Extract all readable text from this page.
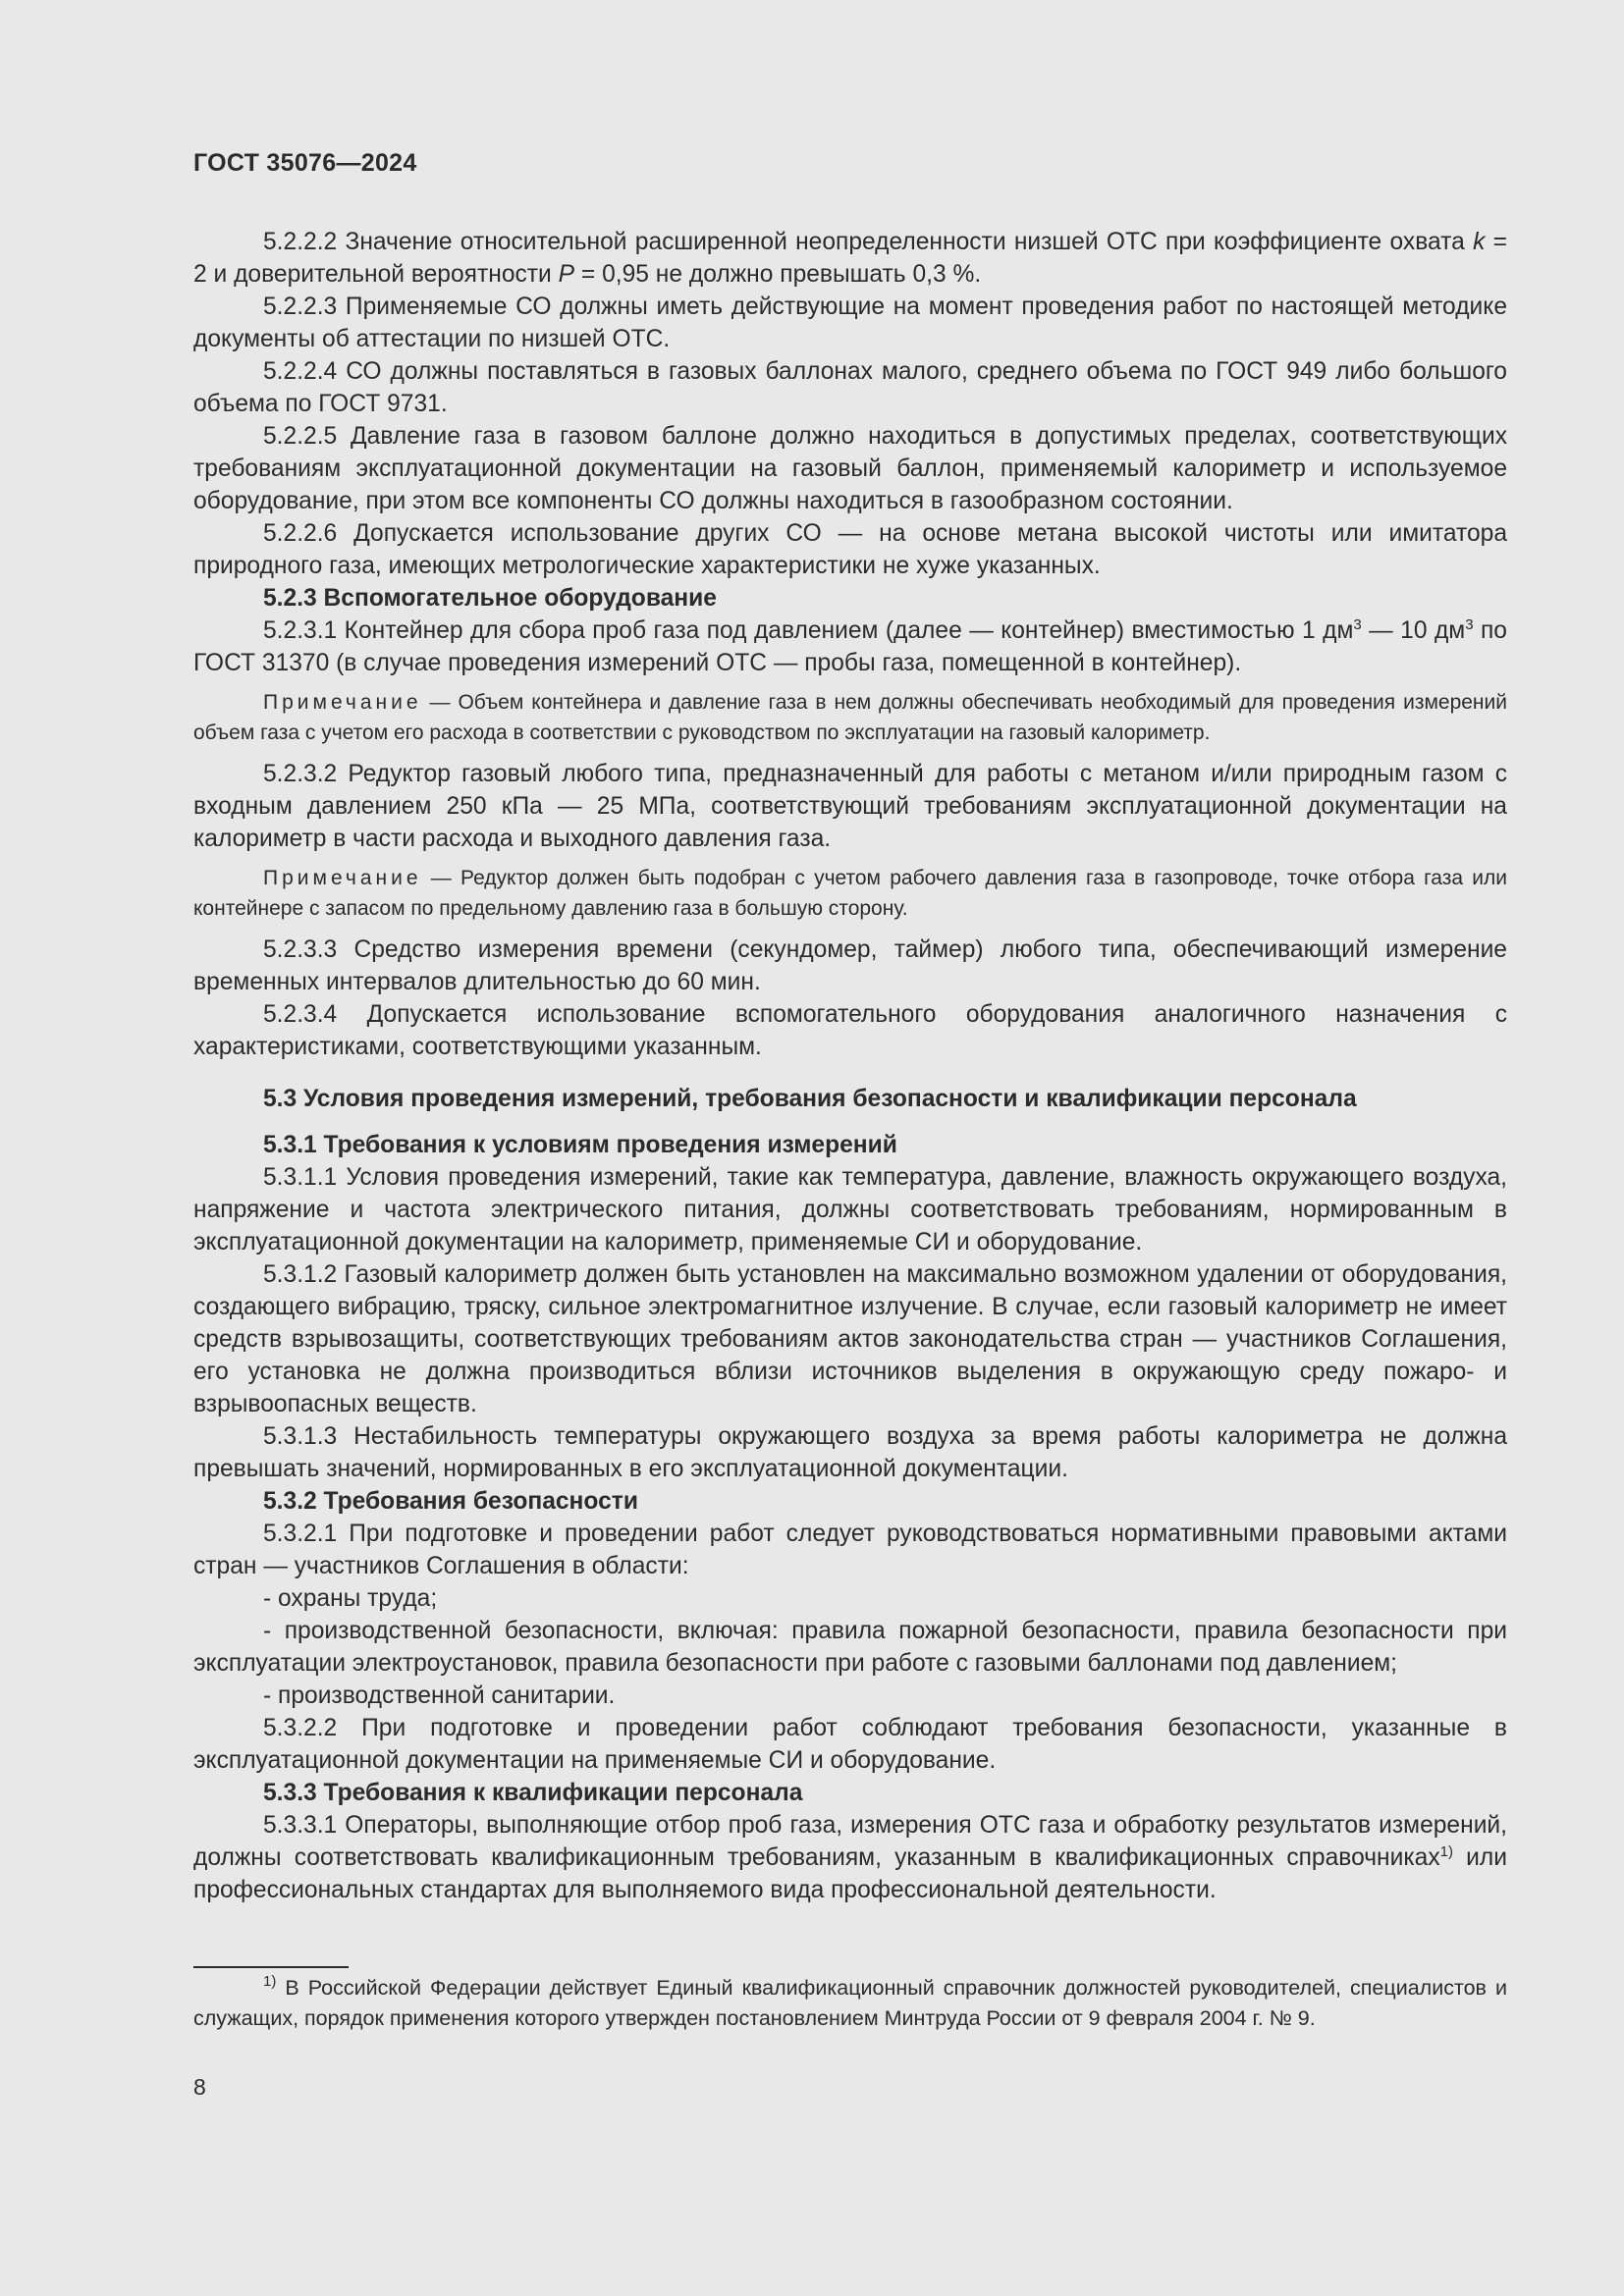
ГОСТ 35076—2024

5.2.2.2 Значение относительной расширенной неопределенности низшей ОТС при коэффициенте охвата k = 2 и доверительной вероятности P = 0,95 не должно превышать 0,3 %.

5.2.2.3 Применяемые СО должны иметь действующие на момент проведения работ по настоящей методике документы об аттестации по низшей ОТС.

5.2.2.4 СО должны поставляться в газовых баллонах малого, среднего объема по ГОСТ 949 либо большого объема по ГОСТ 9731.

5.2.2.5 Давление газа в газовом баллоне должно находиться в допустимых пределах, соответствующих требованиям эксплуатационной документации на газовый баллон, применяемый калориметр и используемое оборудование, при этом все компоненты СО должны находиться в газообразном состоянии.

5.2.2.6 Допускается использование других СО — на основе метана высокой чистоты или имитатора природного газа, имеющих метрологические характеристики не хуже указанных.

5.2.3 Вспомогательное оборудование

5.2.3.1 Контейнер для сбора проб газа под давлением (далее — контейнер) вместимостью 1 $дм^3$ — 10 $дм^3$ по ГОСТ 31370 (в случае проведения измерений ОТС — пробы газа, помещенной в контейнер).

Примечание — Объем контейнера и давление газа в нем должны обеспечивать необходимый для проведения измерений объем газа с учетом его расхода в соответствии с руководством по эксплуатации на газовый калориметр.

5.2.3.2 Редуктор газовый любого типа, предназначенный для работы с метаном и/или природным газом с входным давлением 250 кПа — 25 МПа, соответствующий требованиям эксплуатационной документации на калориметр в части расхода и выходного давления газа.

Примечание — Редуктор должен быть подобран с учетом рабочего давления газа в газопроводе, точке отбора газа или контейнере с запасом по предельному давлению газа в большую сторону.

5.2.3.3 Средство измерения времени (секундомер, таймер) любого типа, обеспечивающий измерение временных интервалов длительностью до 60 мин.

5.2.3.4 Допускается использование вспомогательного оборудования аналогичного назначения с характеристиками, соответствующими указанным.

5.3 Условия проведения измерений, требования безопасности и квалификации персонала

5.3.1 Требования к условиям проведения измерений

5.3.1.1 Условия проведения измерений, такие как температура, давление, влажность окружающего воздуха, напряжение и частота электрического питания, должны соответствовать требованиям, нормированным в эксплуатационной документации на калориметр, применяемые СИ и оборудование.

5.3.1.2 Газовый калориметр должен быть установлен на максимально возможном удалении от оборудования, создающего вибрацию, тряску, сильное электромагнитное излучение. В случае, если газовый калориметр не имеет средств взрывозащиты, соответствующих требованиям актов законодательства стран — участников Соглашения, его установка не должна производиться вблизи источников выделения в окружающую среду пожаро- и взрывоопасных веществ.

5.3.1.3 Нестабильность температуры окружающего воздуха за время работы калориметра не должна превышать значений, нормированных в его эксплуатационной документации.

5.3.2 Требования безопасности

5.3.2.1 При подготовке и проведении работ следует руководствоваться нормативными правовыми актами стран — участников Соглашения в области:

- охраны труда;

- производственной безопасности, включая: правила пожарной безопасности, правила безопасности при эксплуатации электроустановок, правила безопасности при работе с газовыми баллонами под давлением;

- производственной санитарии.

5.3.2.2 При подготовке и проведении работ соблюдают требования безопасности, указанные в эксплуатационной документации на применяемые СИ и оборудование.

5.3.3 Требования к квалификации персонала

5.3.3.1 Операторы, выполняющие отбор проб газа, измерения ОТС газа и обработку результатов измерений, должны соответствовать квалификационным требованиям, указанным в квалификационных справочниках$^{1)}$ или профессиональных стандартах для выполняемого вида профессиональной деятельности.

$^{1)}$ В Российской Федерации действует Единый квалификационный справочник должностей руководителей, специалистов и служащих, порядок применения которого утвержден постановлением Минтруда России от 9 февраля 2004 г. № 9.
8
